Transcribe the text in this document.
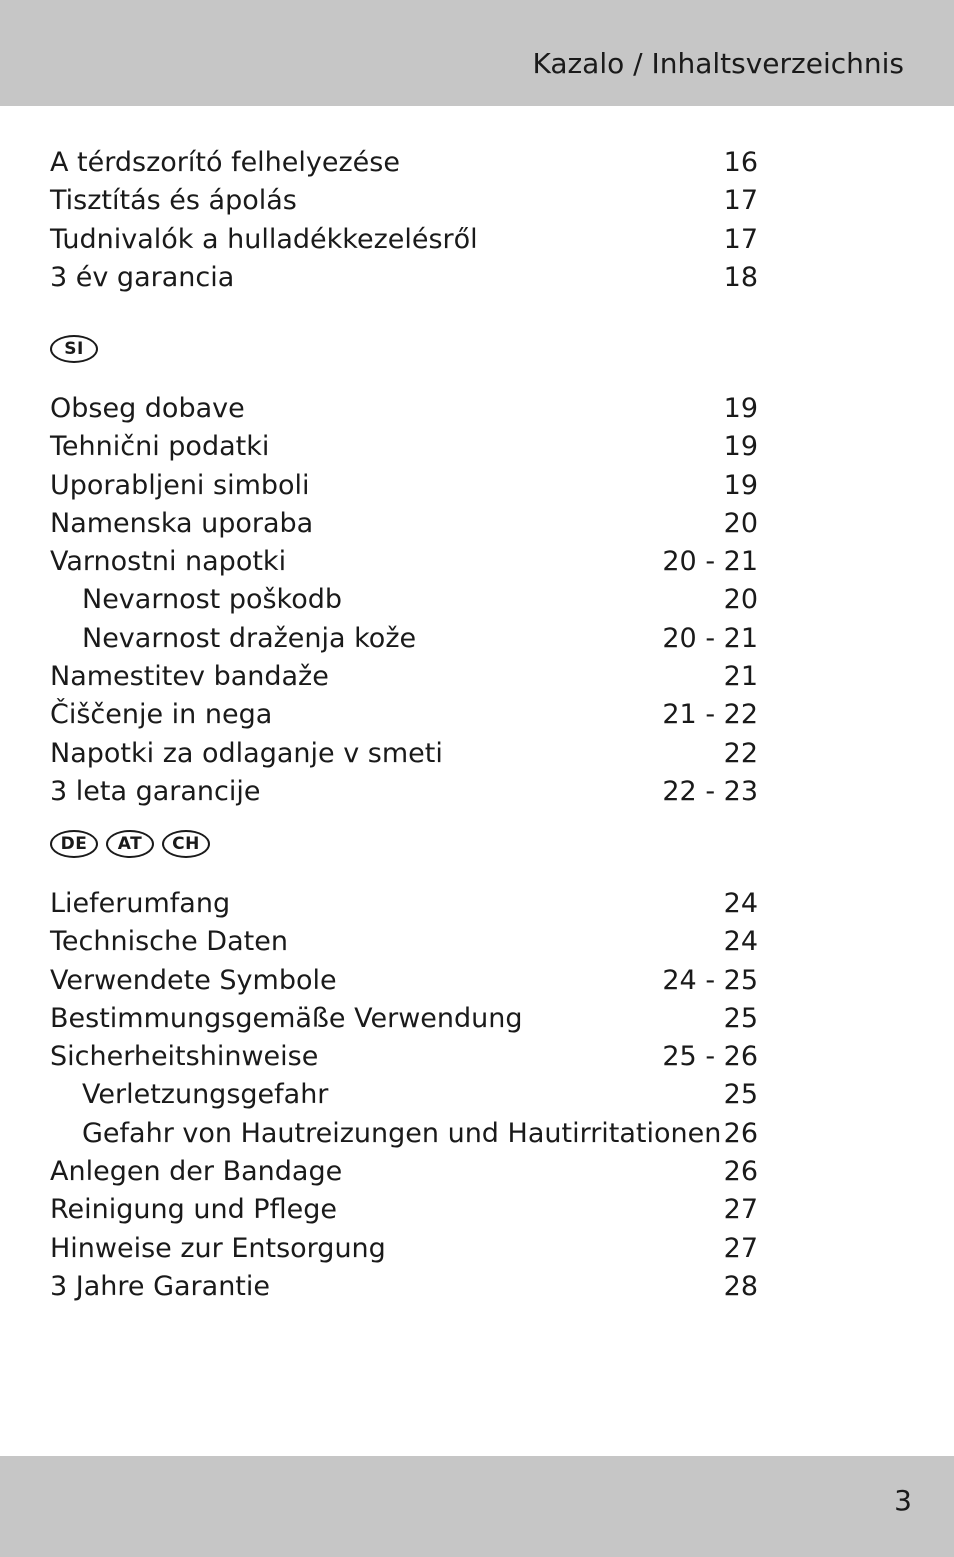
Kazalo / Inhaltsverzeichnis
A térdszorító felhelyezése	16
Tisztítás és ápolás	17
Tudnivalók a hulladékkezelésről	17
3 év garancia	18
SI
Obseg dobave	19
Tehnični podatki	19
Uporabljeni simboli	19
Namenska uporaba	20
Varnostni napotki	20 - 21
Nevarnost poškodb	20
Nevarnost draženja kože	20 - 21
Namestitev bandaže	21
Čiščenje in nega	21 - 22
Napotki za odlaganje v smeti	22
3 leta garancije	22 - 23
DE	AT	CH
Lieferumfang	24
Technische Daten	24
Verwendete Symbole	24 - 25
Bestimmungsgemäße Verwendung	25
Sicherheitshinweise	25 - 26
Verletzungsgefahr	25
Gefahr von Hautreizungen und Hautirritationen 26
Anlegen der Bandage	26
Reinigung und Pflege	27
Hinweise zur Entsorgung	27
3 Jahre Garantie	28
3
